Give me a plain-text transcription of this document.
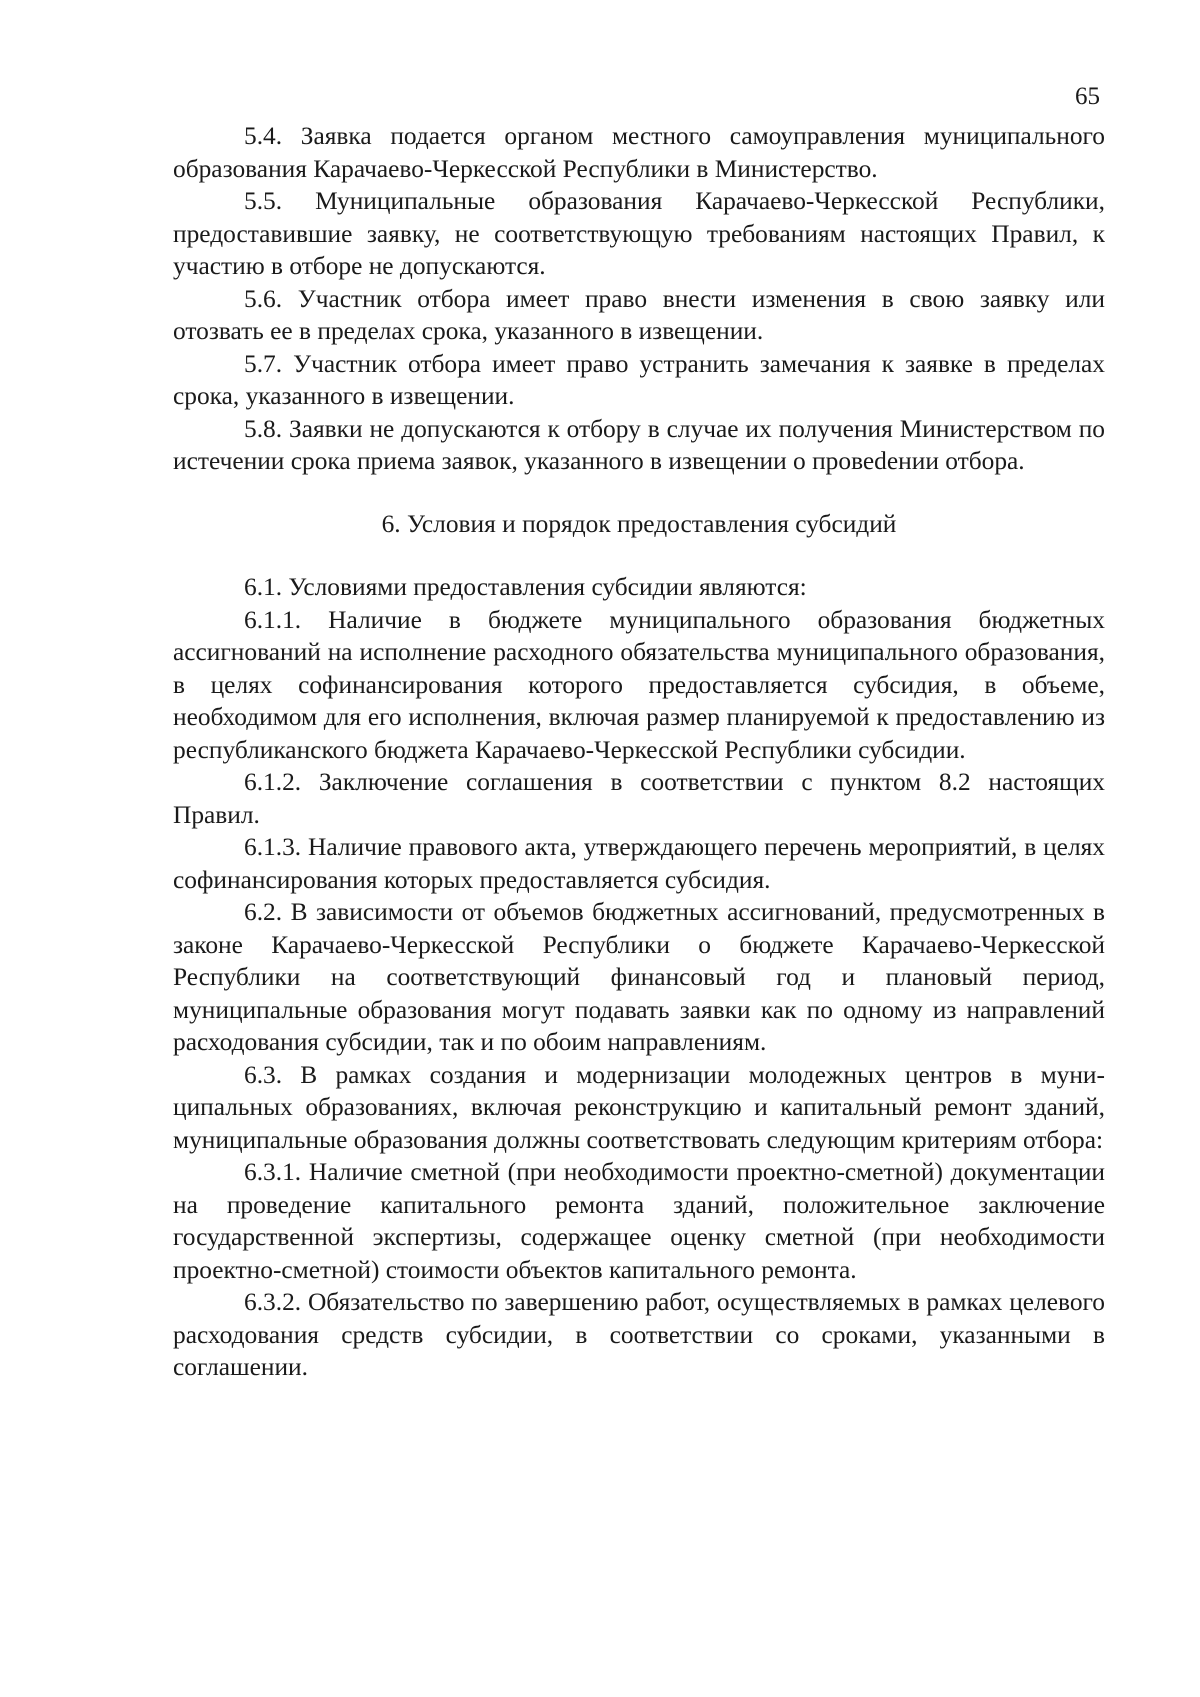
65

5.4. Заявка подается органом местного самоуправления муниципального образования Карачаево-Черкесской Республики в Министерство.

5.5. Муниципальные образования Карачаево-Черкесской Республики, предоставившие заявку, не соответствующую требованиям настоящих Правил, к участию в отборе не допускаются.

5.6. Участник отбора имеет право внести изменения в свою заявку или отозвать ее в пределах срока, указанного в извещении.

5.7. Участник отбора имеет право устранить замечания к заявке в пределах срока, указанного в извещении.

5.8. Заявки не допускаются к отбору в случае их получения Министерством по истечении срока приема заявок, указанного в извещении о провеdении отбора.

6. Условия и порядок предоставления субсидий

6.1. Условиями предоставления субсидии являются:

6.1.1. Наличие в бюджете муниципального образования бюджетных ассигнований на исполнение расходного обязательства муниципального образования, в целях софинансирования которого предоставляется субсидия, в объеме, необходимом для его исполнения, включая размер планируемой к предоставлению из республиканского бюджета Карачаево-Черкесской Республики субсидии.

6.1.2. Заключение соглашения в соответствии с пунктом 8.2 настоящих Правил.

6.1.3. Наличие правового акта, утверждающего перечень мероприятий, в целях софинансирования которых предоставляется субсидия.

6.2. В зависимости от объемов бюджетных ассигнований, предусмотренных в законе Карачаево-Черкесской Республики о бюджете Карачаево-Черкесской Республики на соответствующий финансовый год и плановый период, муниципальные образования могут подавать заявки как по одному из направлений расходования субсидии, так и по обоим направлениям.

6.3. В рамках создания и модернизации молодежных центров в муниципальных образованиях, включая реконструкцию и капитальный ремонт зданий, муниципальные образования должны соответствовать следующим критериям отбора:

6.3.1. Наличие сметной (при необходимости проектно-сметной) документации на проведение капитального ремонта зданий, положительное заключение государственной экспертизы, содержащее оценку сметной (при необходимости проектно-сметной) стоимости объектов капитального ремонта.

6.3.2. Обязательство по завершению работ, осуществляемых в рамках целевого расходования средств субсидии, в соответствии со сроками, указанными в соглашении.
